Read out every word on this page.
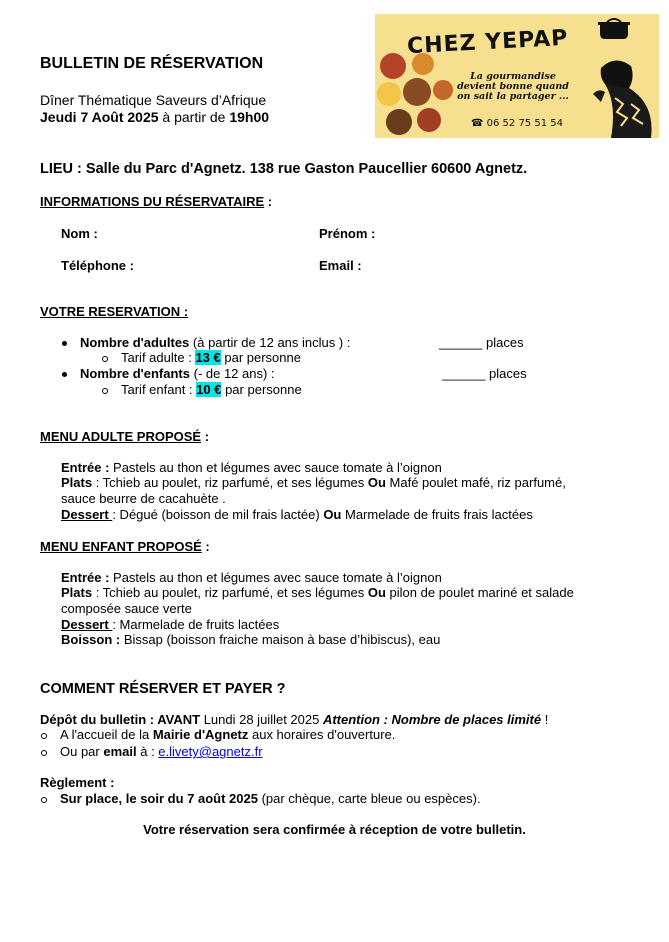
CHEZ YEPAP
La gourmandise devient bonne quand on sait la partager ...
☎ 06 52 75 51 54
BULLETIN DE RÉSERVATION
Dîner Thématique Saveurs d’Afrique
Jeudi 7 Août 2025 à partir de 19h00
LIEU : Salle du Parc d'Agnetz. 138 rue Gaston Paucellier 60600 Agnetz.
INFORMATIONS DU RÉSERVATAIRE :
Nom :	Prénom :
Téléphone :	Email :
VOTRE RESERVATION :
Nombre d'adultes (à partir de 12 ans inclus ) :	______ places
Tarif adulte : 13 € par personne
Nombre d'enfants (- de 12 ans) :	______ places
Tarif enfant : 10 € par personne
MENU ADULTE PROPOSÉ :
Entrée : Pastels au thon et légumes avec sauce tomate à l’oignon
Plats : Tchieb au poulet, riz parfumé, et ses légumes Ou Mafé poulet mafé, riz parfumé,
sauce beurre de cacahuète .
Dessert : Dégué (boisson de mil frais lactée) Ou Marmelade de fruits frais lactées
MENU ENFANT PROPOSÉ :
Entrée : Pastels au thon et légumes avec sauce tomate à l’oignon
Plats : Tchieb au poulet, riz parfumé, et ses légumes Ou pilon de poulet mariné et salade
composée sauce verte
Dessert : Marmelade de fruits lactées
Boisson : Bissap (boisson fraiche maison à base d’hibiscus), eau
COMMENT RÉSERVER ET PAYER ?
Dépôt du bulletin : AVANT Lundi 28 juillet 2025 Attention : Nombre de places limité !
A l'accueil de la Mairie d'Agnetz aux horaires d'ouverture.
Ou par email à : e.livety@agnetz.fr
Règlement :
Sur place, le soir du 7 août 2025 (par chèque, carte bleue ou espèces).
Votre réservation sera confirmée à réception de votre bulletin.
